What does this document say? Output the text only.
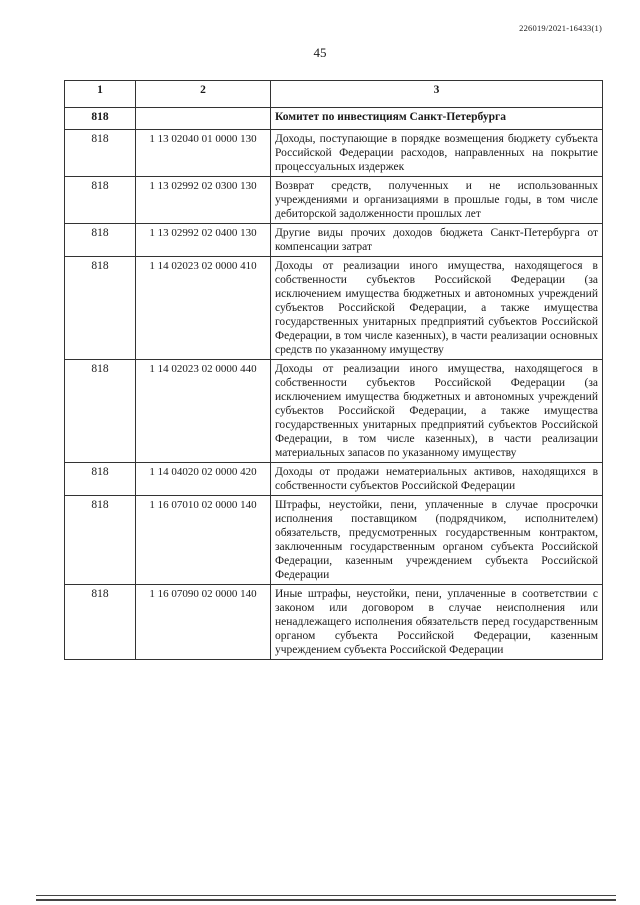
226019/2021-16433(1)
45
1	2	3
818		Комитет по инвестициям Санкт-Петербурга
818	1 13 02040 01 0000 130	Доходы, поступающие в порядке возмещения бюджету субъекта Российской Федерации расходов, направленных на покрытие процессуальных издержек
818	1 13 02992 02 0300 130	Возврат средств, полученных и не использованных учреждениями и организациями в прошлые годы, в том числе дебиторской задолженности прошлых лет
818	1 13 02992 02 0400 130	Другие виды прочих доходов бюджета Санкт-Петербурга от компенсации затрат
818	1 14 02023 02 0000 410	Доходы от реализации иного имущества, находящегося в собственности субъектов Российской Федерации (за исключением имущества бюджетных и автономных учреждений субъектов Российской Федерации, а также имущества государственных унитарных предприятий субъектов Российской Федерации, в том числе казенных), в части реализации основных средств по указанному имуществу
818	1 14 02023 02 0000 440	Доходы от реализации иного имущества, находящегося в собственности субъектов Российской Федерации (за исключением имущества бюджетных и автономных учреждений субъектов Российской Федерации, а также имущества государственных унитарных предприятий субъектов Российской Федерации, в том числе казенных), в части реализации материальных запасов по указанному имуществу
818	1 14 04020 02 0000 420	Доходы от продажи нематериальных активов, находящихся в собственности субъектов Российской Федерации
818	1 16 07010 02 0000 140	Штрафы, неустойки, пени, уплаченные в случае просрочки исполнения поставщиком (подрядчиком, исполнителем) обязательств, предусмотренных государственным контрактом, заключенным государственным органом субъекта Российской Федерации, казенным учреждением субъекта Российской Федерации
818	1 16 07090 02 0000 140	Иные штрафы, неустойки, пени, уплаченные в соответствии с законом или договором в случае неисполнения или ненадлежащего исполнения обязательств перед государственным органом субъекта Российской Федерации, казенным учреждением субъекта Российской Федерации
